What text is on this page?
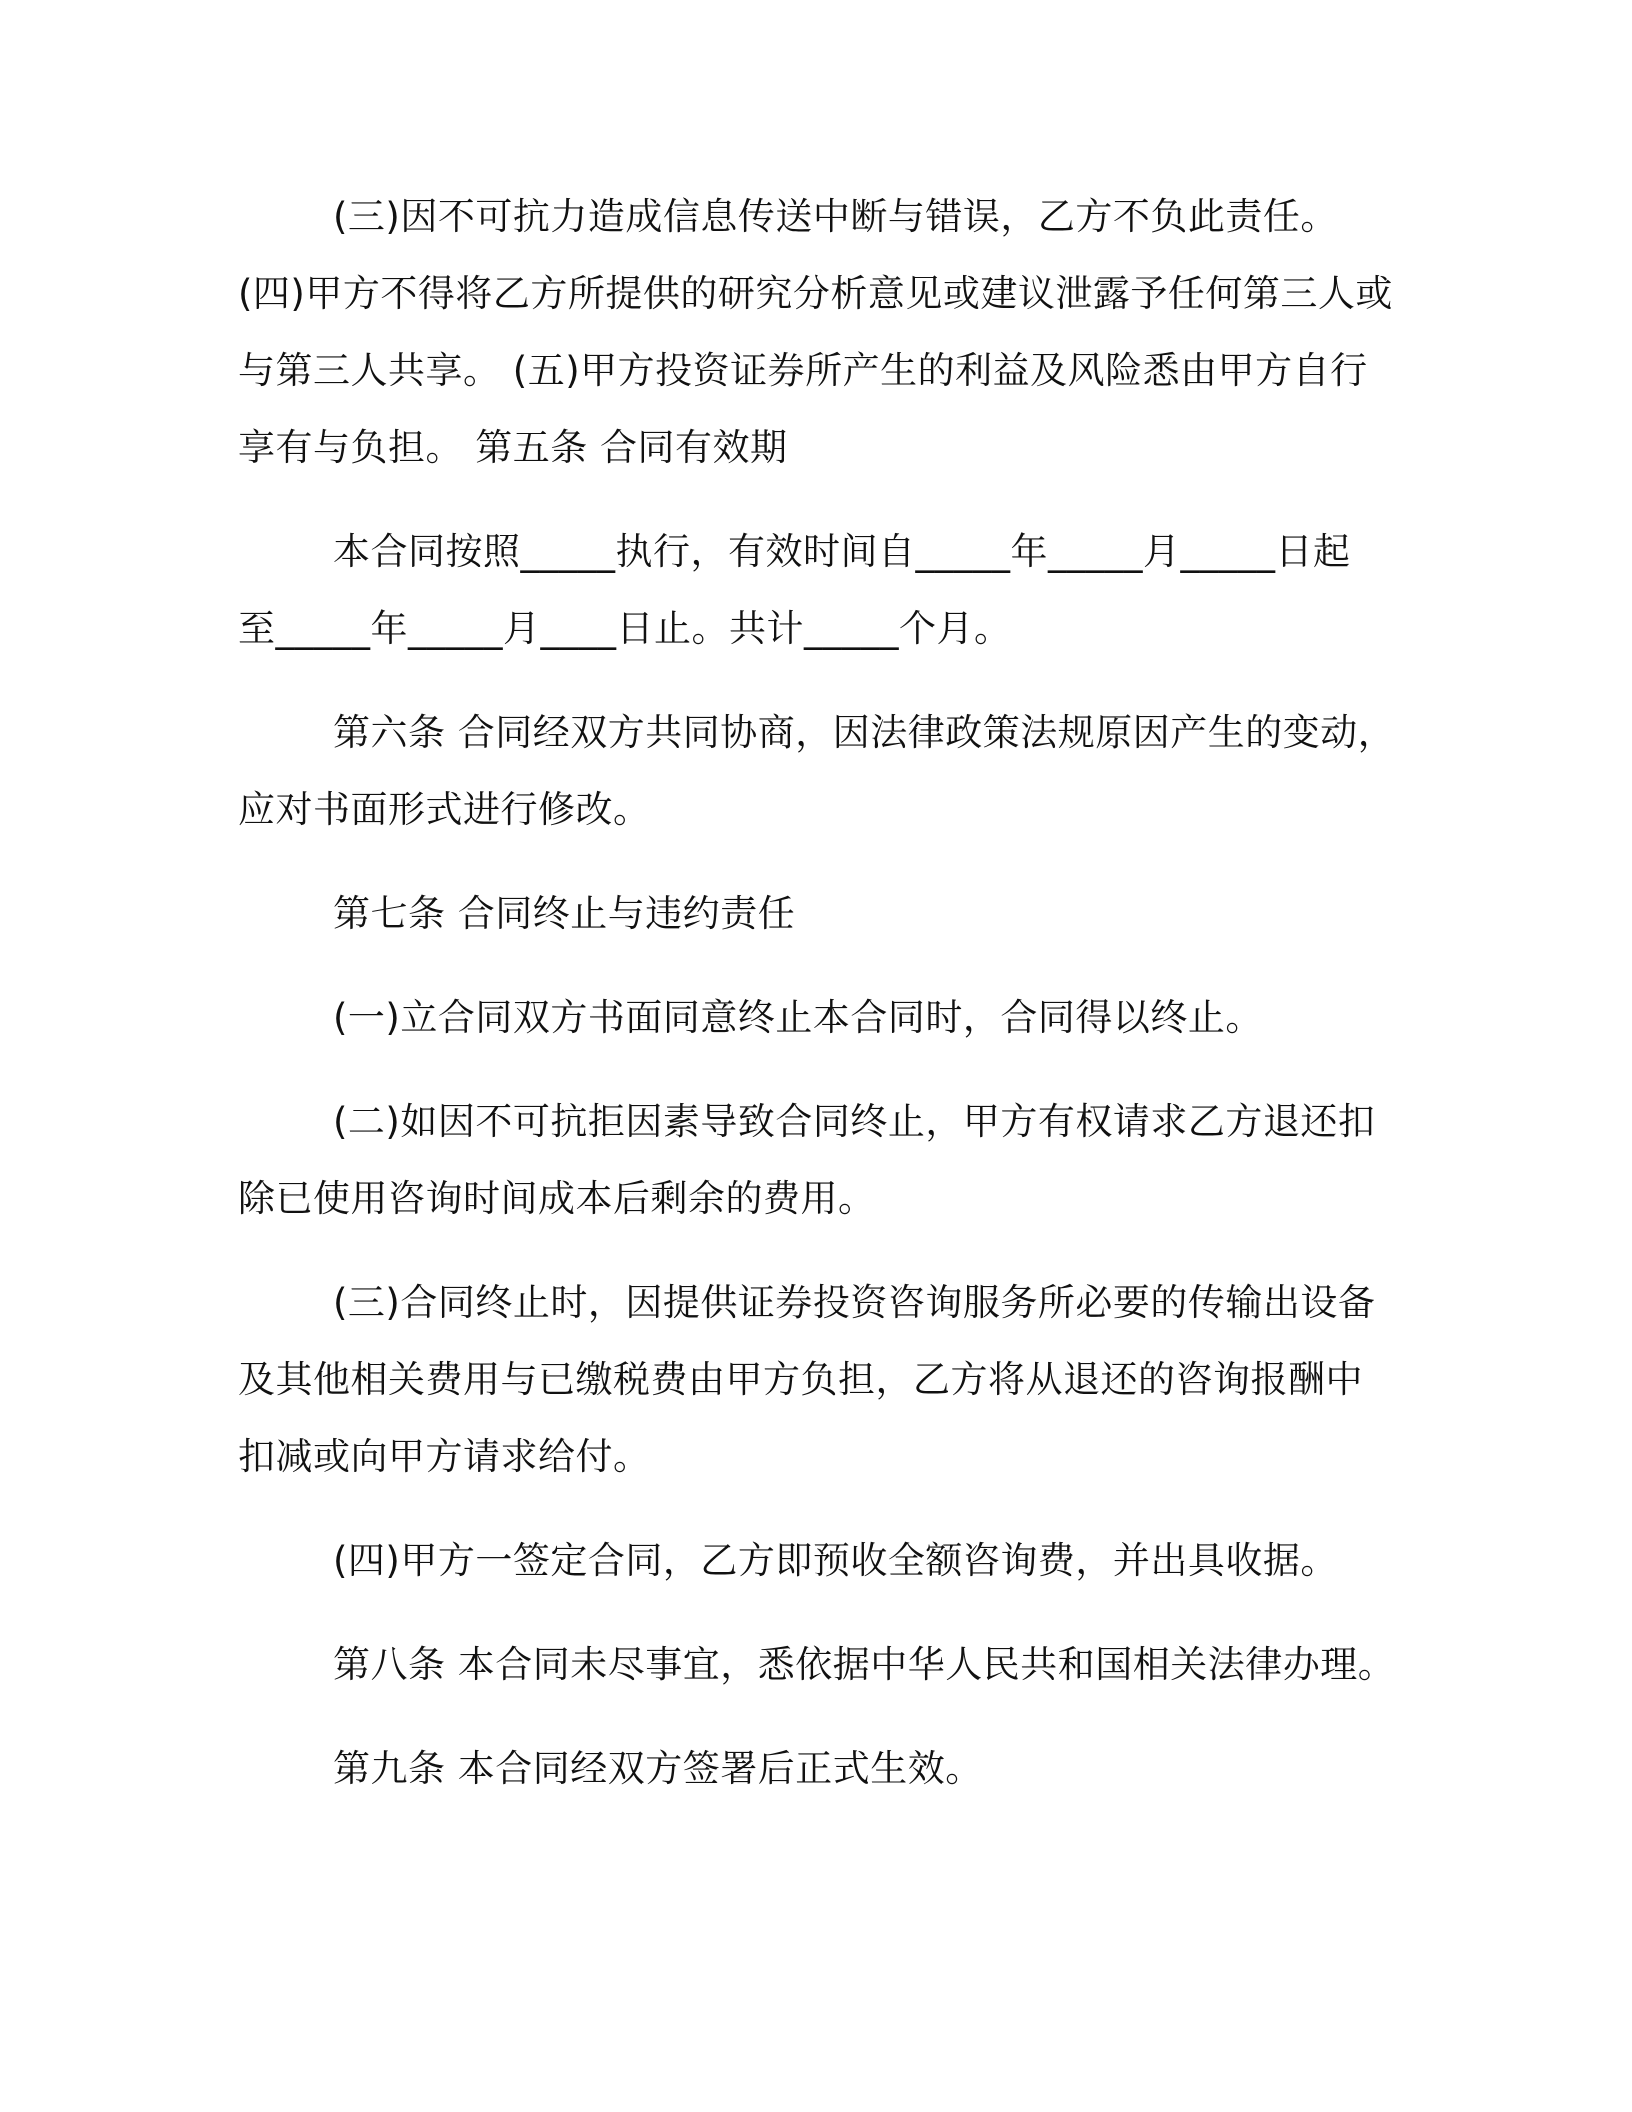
(三)因不可抗力造成信息传送中断与错误，乙方不负此责任。
(四)甲方不得将乙方所提供的研究分析意见或建议泄露予任何第三人或
与第三人共享。 (五)甲方投资证券所产生的利益及风险悉由甲方自行
享有与负担。 第五条 合同有效期
本合同按照_____执行，有效时间自_____年_____月_____日起
至_____年_____月____日止。共计_____个月。
第六条 合同经双方共同协商，因法律政策法规原因产生的变动，
应对书面形式进行修改。
第七条 合同终止与违约责任
(一)立合同双方书面同意终止本合同时，合同得以终止。
(二)如因不可抗拒因素导致合同终止，甲方有权请求乙方退还扣
除已使用咨询时间成本后剩余的费用。
(三)合同终止时，因提供证券投资咨询服务所必要的传输出设备
及其他相关费用与已缴税费由甲方负担，乙方将从退还的咨询报酬中
扣减或向甲方请求给付。
(四)甲方一签定合同，乙方即预收全额咨询费，并出具收据。
第八条 本合同未尽事宜，悉依据中华人民共和国相关法律办理。
第九条 本合同经双方签署后正式生效。
